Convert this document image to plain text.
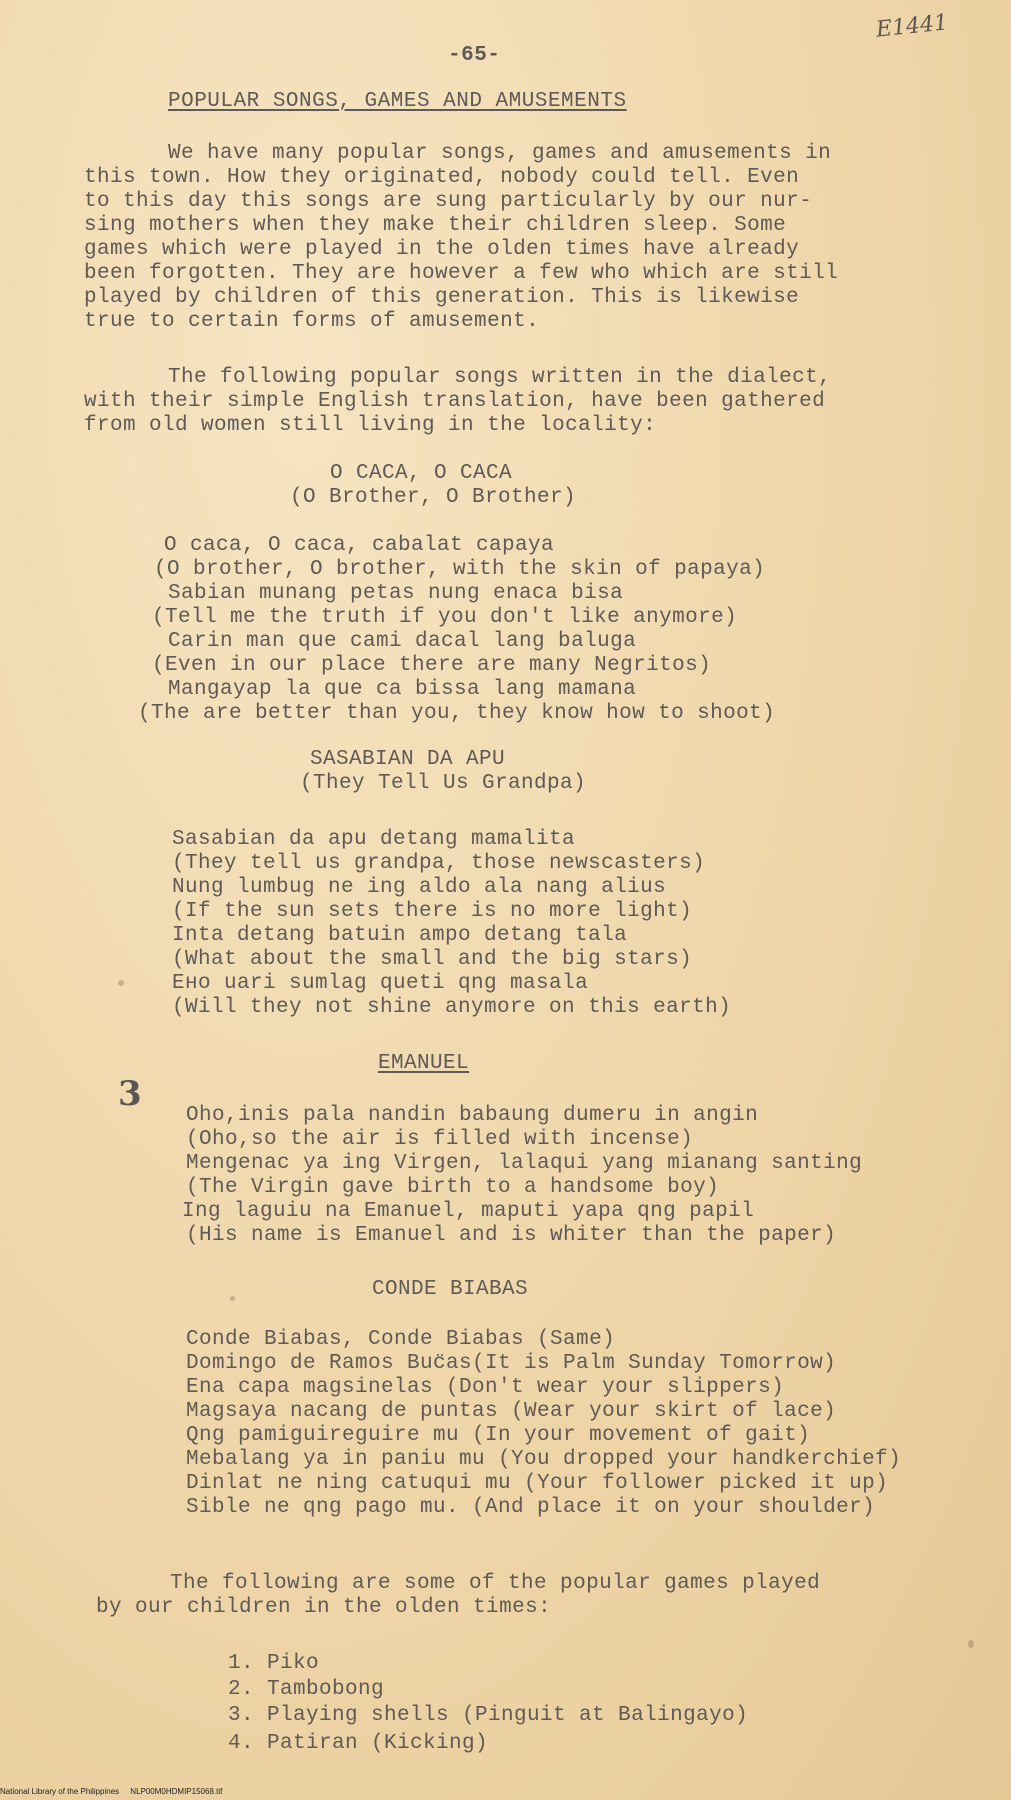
E1441
-65-
POPULAR SONGS, GAMES AND AMUSEMENTS
We have many popular songs, games and amusements in
this town. How they originated, nobody could tell. Even
to this day this songs are sung particularly by our nur-
sing mothers when they make their children sleep. Some
games which were played in the olden times have already
been forgotten. They are however a few who which are still
played by children of this generation. This is likewise
true to certain forms of amusement.
The following popular songs written in the dialect,
with their simple English translation, have been gathered
from old women still living in the locality:
O CACA, O CACA
(O Brother, O Brother)
O caca, O caca, cabalat capaya
(O brother, O brother, with the skin of papaya)
Sabian munang petas nung enaca bisa
(Tell me the truth if you don't like anymore)
Carin man que cami dacal lang baluga
(Even in our place there are many Negritos)
Mangayap la que ca bissa lang mamana
(The are better than you, they know how to shoot)
SASABIAN DA APU
(They Tell Us Grandpa)
Sasabian da apu detang mamalita
(They tell us grandpa, those newscasters)
Nung lumbug ne ing aldo ala nang alius
(If the sun sets there is no more light)
Inta detang batuin ampo detang tala
(What about the small and the big stars)
Ено uari sumlag queti qng masala
(Will they not shine anymore on this earth)
EMANUEL
3
Oho,inis pala nandin babaung dumeru in angin
(Oho,so the air is filled with incense)
Mengenac ya ing Virgen, lalaqui yang mianang santing
(The Virgin gave birth to a handsome boy)
Ing laguiu na Emanuel, maputi yapa qng papil
(His name is Emanuel and is whiter than the paper)
CONDE BIABAS
Conde Biabas, Conde Biabas (Same)
Domingo de Ramos Buc̈as(It is Palm Sunday Tomorrow)
Ena capa magsinelas (Don't wear your slippers)
Magsaya nacang de puntas (Wear your skirt of lace)
Qng pamiguireguire mu (In your movement of gait)
Mebalang ya in paniu mu (You dropped your handkerchief)
Dinlat ne ning catuqui mu (Your follower picked it up)
Sible ne qng pago mu. (And place it on your shoulder)
The following are some of the popular games played
by our children in the olden times:
1. Piko
2. Tambobong
3. Playing shells (Pinguit at Balingayo)
4. Patiran (Kicking)
National Library of the Philippines     NLP00M0HDMIP15068.tif
